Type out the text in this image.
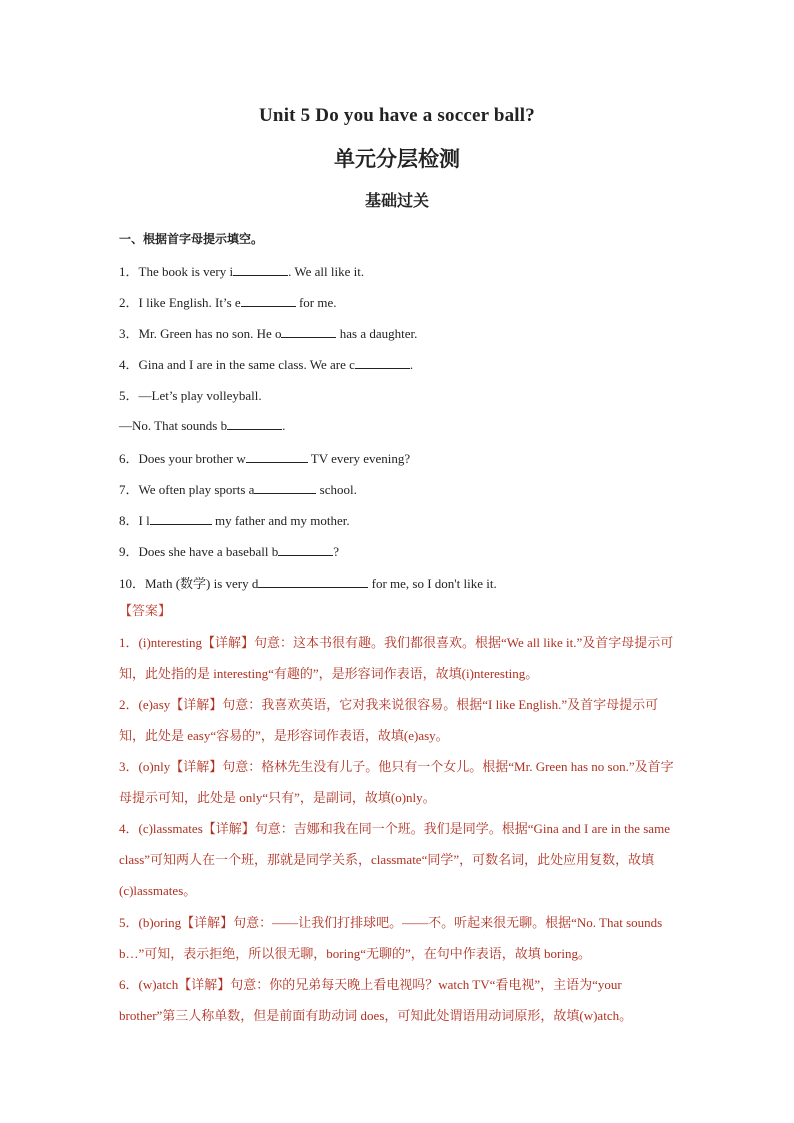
Unit 5 Do you have a soccer ball?
单元分层检测
基础过关
一、根据首字母提示填空。
1．The book is very i	. We all like it.
2．I like English. It’s e	for me.
3．Mr. Green has no son. He o	has a daughter.
4．Gina and I are in the same class. We are c	.
5．—Let’s play volleyball.
—No. That sounds b	.
6．Does your brother w	TV every evening?
7．We often play sports a	school.
8．I l	my father and my mother.
9．Does she have a baseball b	?
10．Math (数学) is very d	for me, so I don't like it.
【答案】
1．(i)nteresting【详解】句意：这本书很有趣。我们都很喜欢。根据“We all like it.”及首字母提示可知，此处指的是 interesting“有趣的”，是形容词作表语，故填(i)nteresting。
2．(e)asy【详解】句意：我喜欢英语，它对我来说很容易。根据“I like English.”及首字母提示可知，此处是 easy“容易的”，是形容词作表语，故填(e)asy。
3．(o)nly【详解】句意：格林先生没有儿子。他只有一个女儿。根据“Mr. Green has no son.”及首字母提示可知，此处是 only“只有”，是副词，故填(o)nly。
4．(c)lassmates【详解】句意：吉娜和我在同一个班。我们是同学。根据“Gina and I are in the same class”可知两人在一个班，那就是同学关系，classmate“同学”，可数名词，此处应用复数，故填(c)lassmates。
5．(b)oring【详解】句意：——让我们打排球吧。——不。听起来很无聊。根据“No. That sounds b…”可知，表示拒绝，所以很无聊，boring“无聊的”，在句中作表语，故填 boring。
6．(w)atch【详解】句意：你的兄弟每天晚上看电视吗？watch TV“看电视”，主语为“your brother”第三人称单数，但是前面有助动词 does，可知此处谓语用动词原形，故填(w)atch。
